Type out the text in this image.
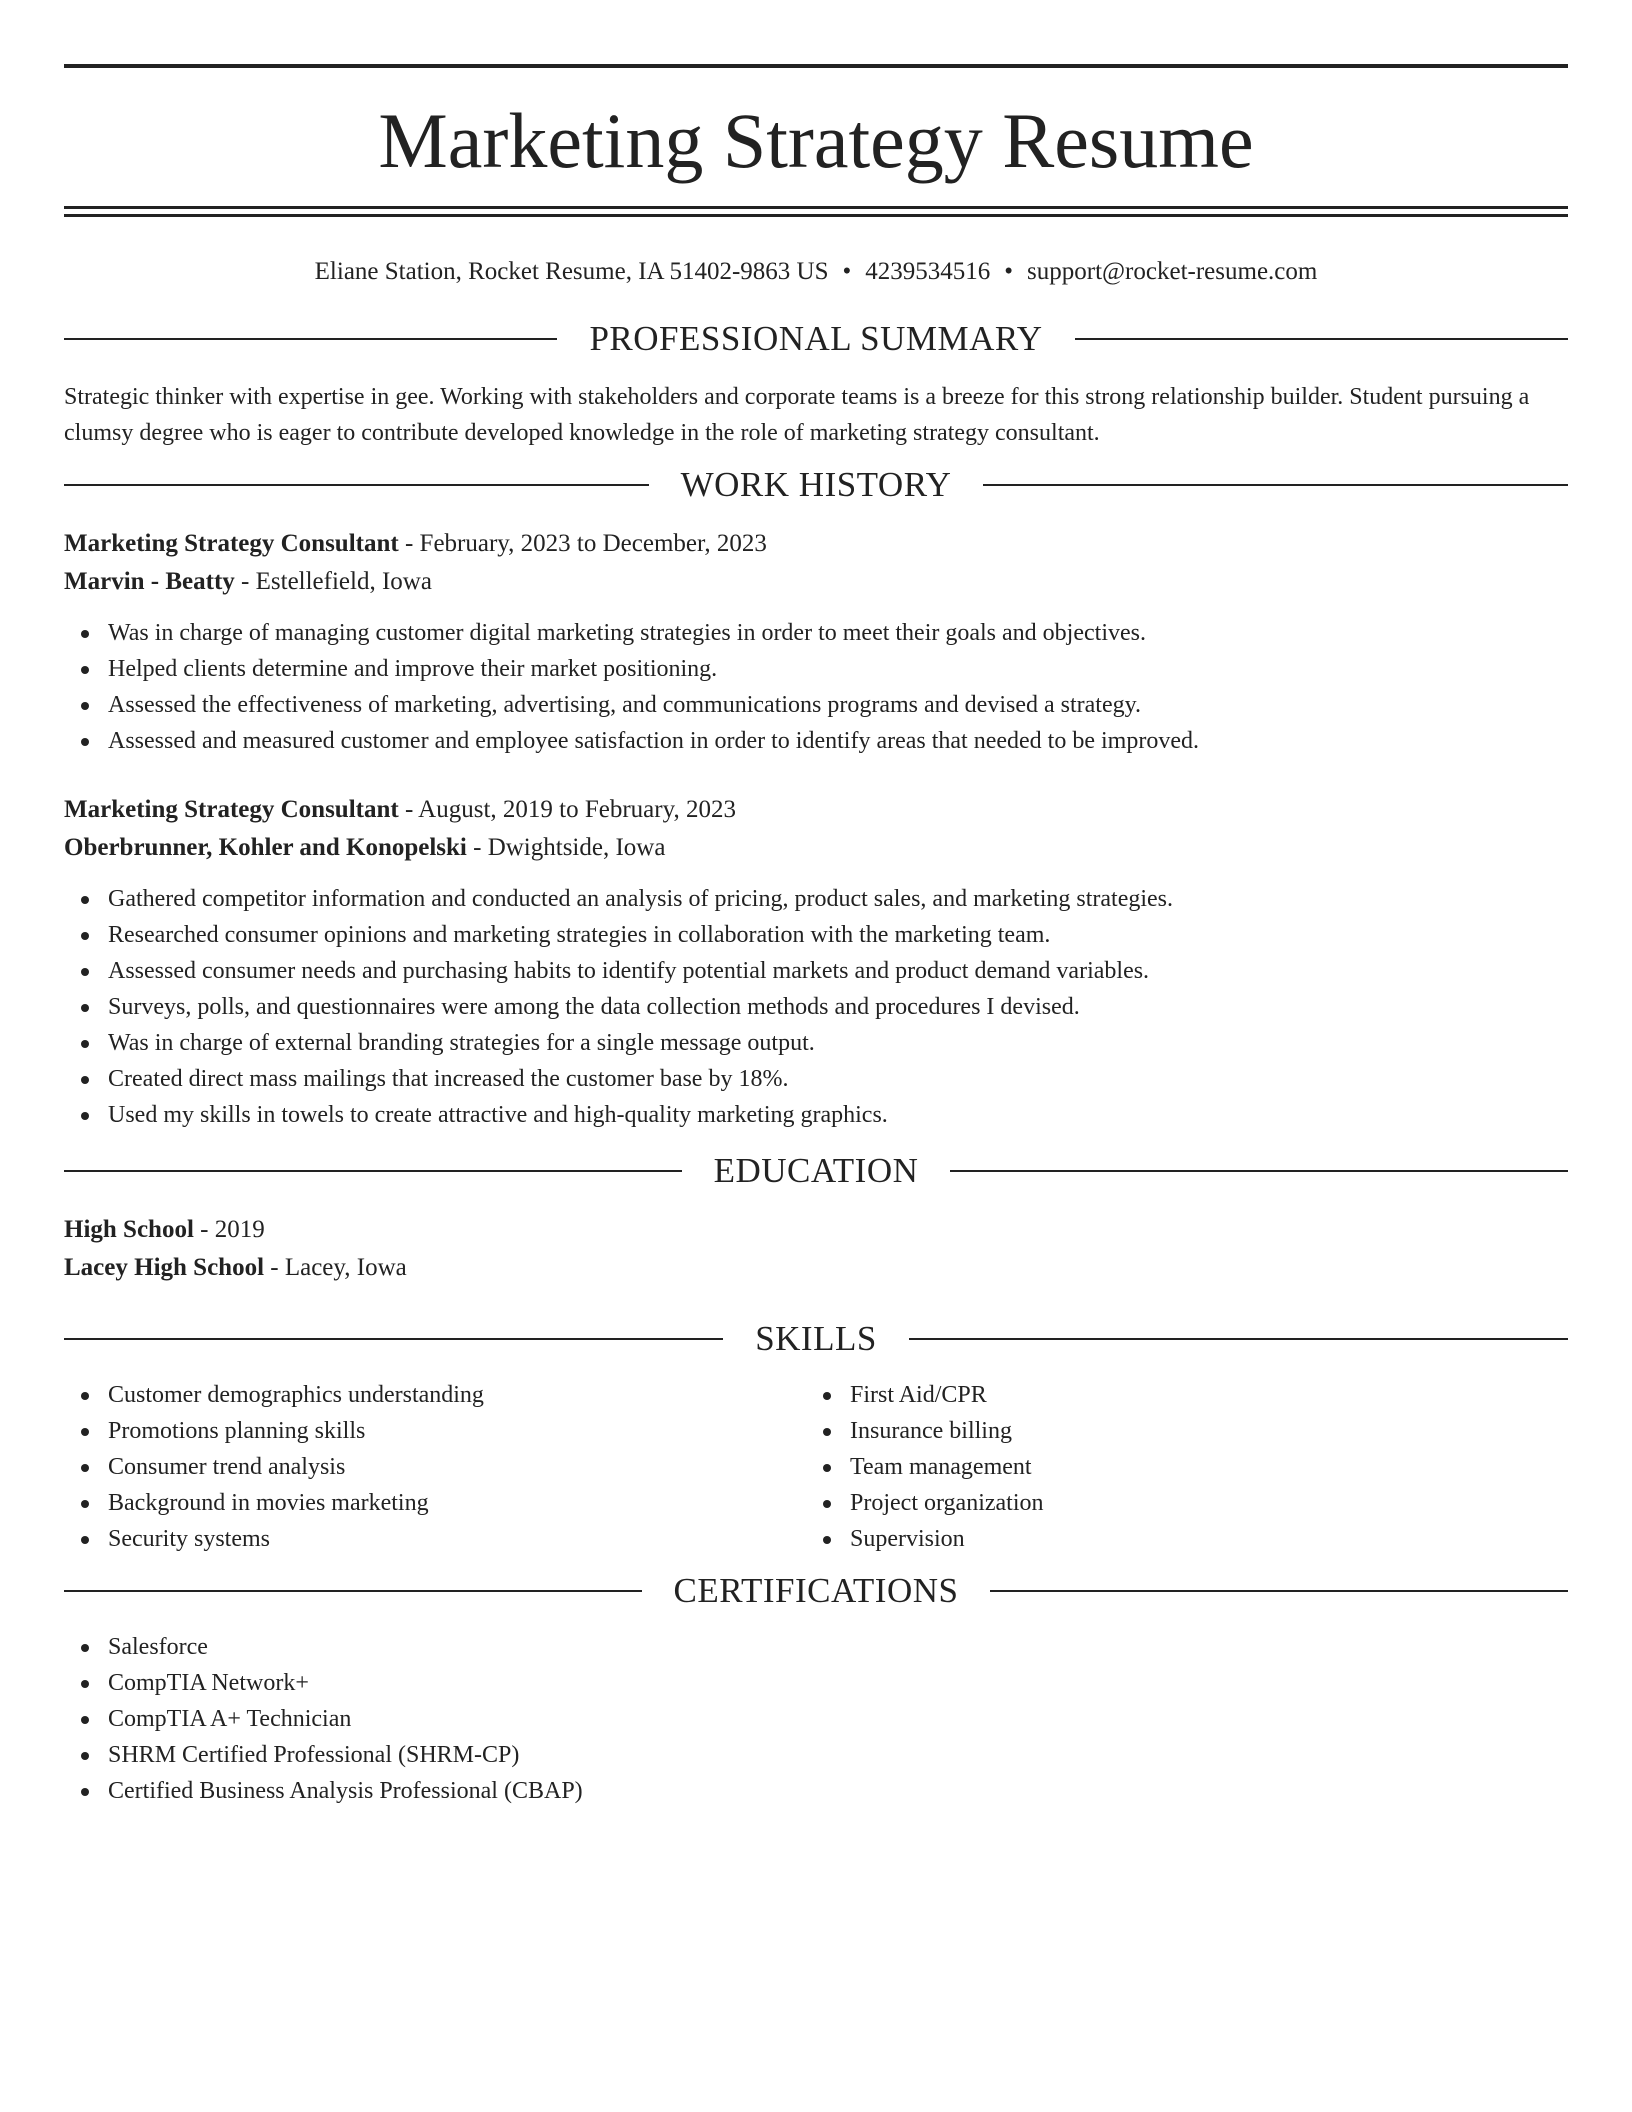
Marketing Strategy Resume
Eliane Station, Rocket Resume, IA 51402-9863 US • 4239534516 • support@rocket-resume.com
PROFESSIONAL SUMMARY

Strategic thinker with expertise in gee. Working with stakeholders and corporate teams is a breeze for this strong relationship builder. Student pursuing a clumsy degree who is eager to contribute developed knowledge in the role of marketing strategy consultant.

WORK HISTORY
Marketing Strategy Consultant - February, 2023 to December, 2023
Marvin - Beatty - Estellefield, Iowa
Was in charge of managing customer digital marketing strategies in order to meet their goals and objectives.
Helped clients determine and improve their market positioning.
Assessed the effectiveness of marketing, advertising, and communications programs and devised a strategy.
Assessed and measured customer and employee satisfaction in order to identify areas that needed to be improved.
Marketing Strategy Consultant - August, 2019 to February, 2023
Oberbrunner, Kohler and Konopelski - Dwightside, Iowa
Gathered competitor information and conducted an analysis of pricing, product sales, and marketing strategies.
Researched consumer opinions and marketing strategies in collaboration with the marketing team.
Assessed consumer needs and purchasing habits to identify potential markets and product demand variables.
Surveys, polls, and questionnaires were among the data collection methods and procedures I devised.
Was in charge of external branding strategies for a single message output.
Created direct mass mailings that increased the customer base by 18%.
Used my skills in towels to create attractive and high-quality marketing graphics.
EDUCATION
High School - 2019
Lacey High School - Lacey, Iowa
SKILLS
Customer demographics understanding
Promotions planning skills
Consumer trend analysis
Background in movies marketing
Security systems
First Aid/CPR
Insurance billing
Team management
Project organization
Supervision
CERTIFICATIONS
Salesforce
CompTIA Network+
CompTIA A+ Technician
SHRM Certified Professional (SHRM-CP)
Certified Business Analysis Professional (CBAP)
